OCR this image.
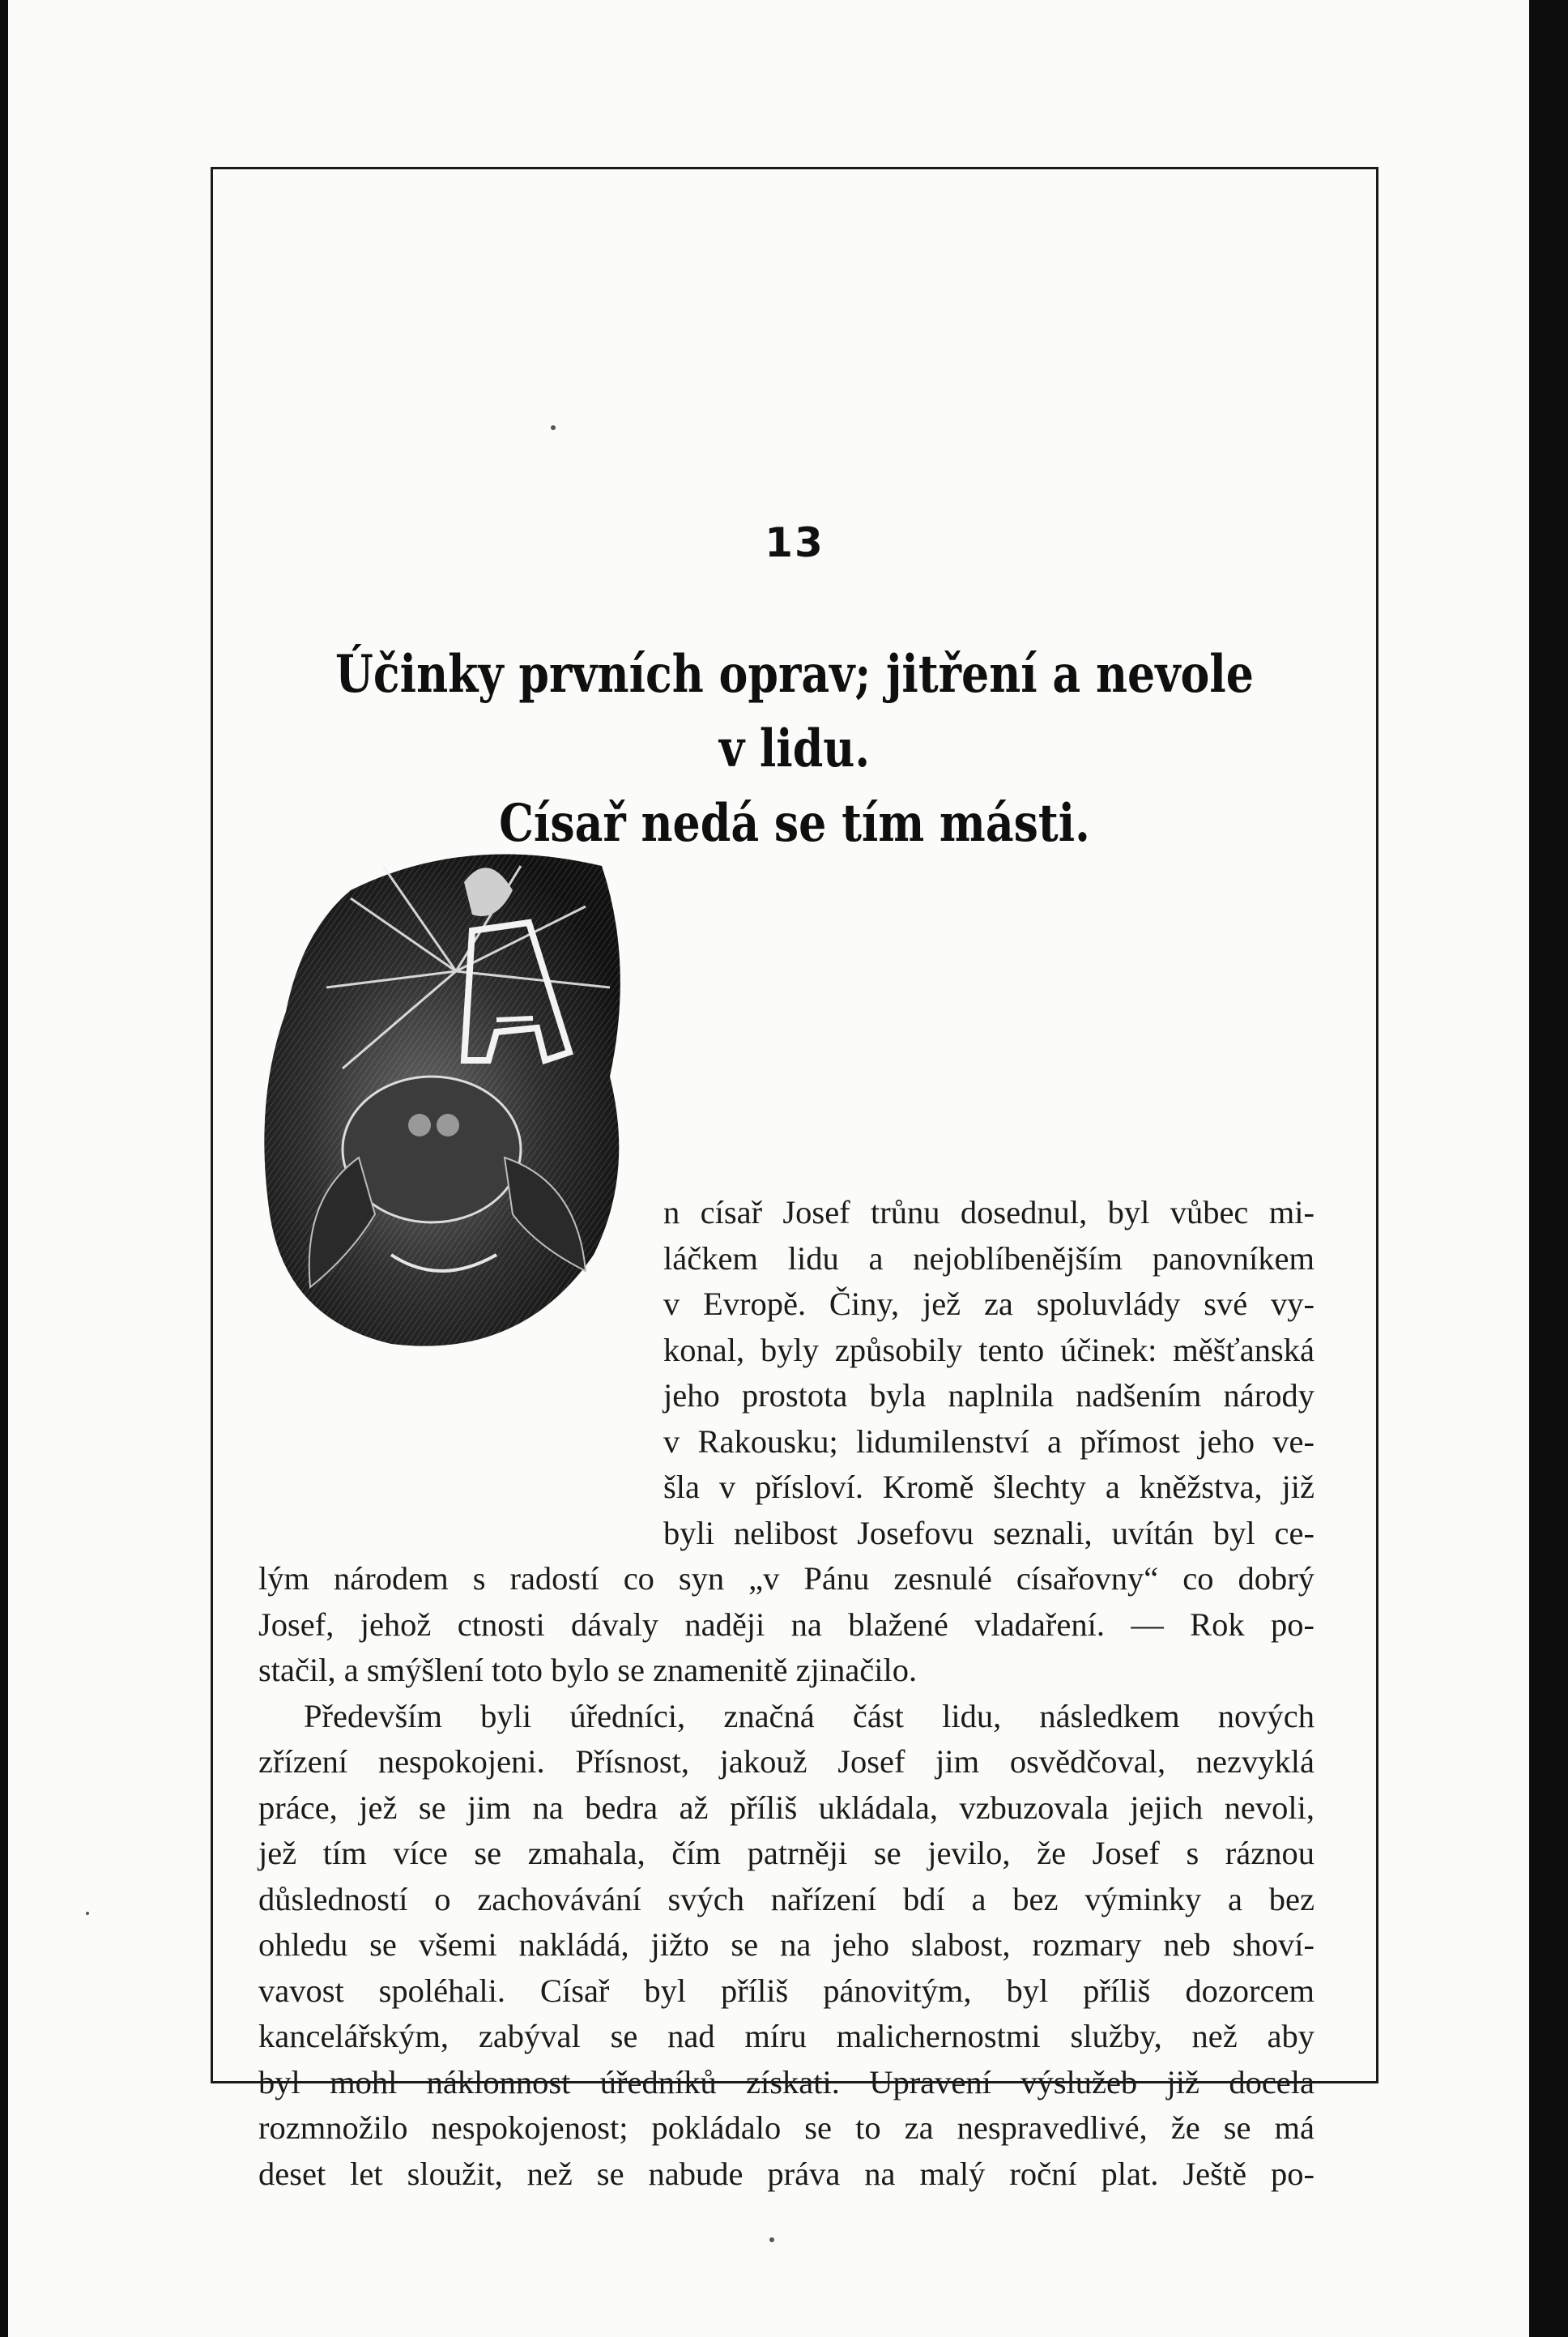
13
Účinky prvních oprav; jitření a nevole v lidu.
Císař nedá se tím másti.
n císař Josef trůnu dosednul, byl vůbec mi-
láčkem lidu a nejoblíbenějším panovníkem
v Evropě. Činy, jež za spoluvlády své vy-
konal, byly způsobily tento účinek: měšťanská
jeho prostota byla naplnila nadšením národy
v Rakousku; lidumilenství a přímost jeho ve-
šla v přísloví. Kromě šlechty a kněžstva, již
byli nelibost Josefovu seznali, uvítán byl ce-
lým národem s radostí co syn „v Pánu zesnulé císařovny“ co dobrý
Josef, jehož ctnosti dávaly naději na blažené vladaření. — Rok po-
stačil, a smýšlení toto bylo se znamenitě zjinačilo.
Především byli úředníci, značná část lidu, následkem nových
zřízení nespokojeni. Přísnost, jakouž Josef jim osvědčoval, nezvyklá
práce, jež se jim na bedra až příliš ukládala, vzbuzovala jejich nevoli,
jež tím více se zmahala, čím patrněji se jevilo, že Josef s ráznou
důsledností o zachovávání svých nařízení bdí a bez výminky a bez
ohledu se všemi nakládá, jižto se na jeho slabost, rozmary neb shoví-
vavost spoléhali. Císař byl příliš pánovitým, byl příliš dozorcem
kancelářským, zabýval se nad míru malichernostmi služby, než aby
byl mohl náklonnost úředníků získati. Upravení výslužeb již docela
rozmnožilo nespokojenost; pokládalo se to za nespravedlivé, že se má
deset let sloužit, než se nabude práva na malý roční plat. Ještě po-
